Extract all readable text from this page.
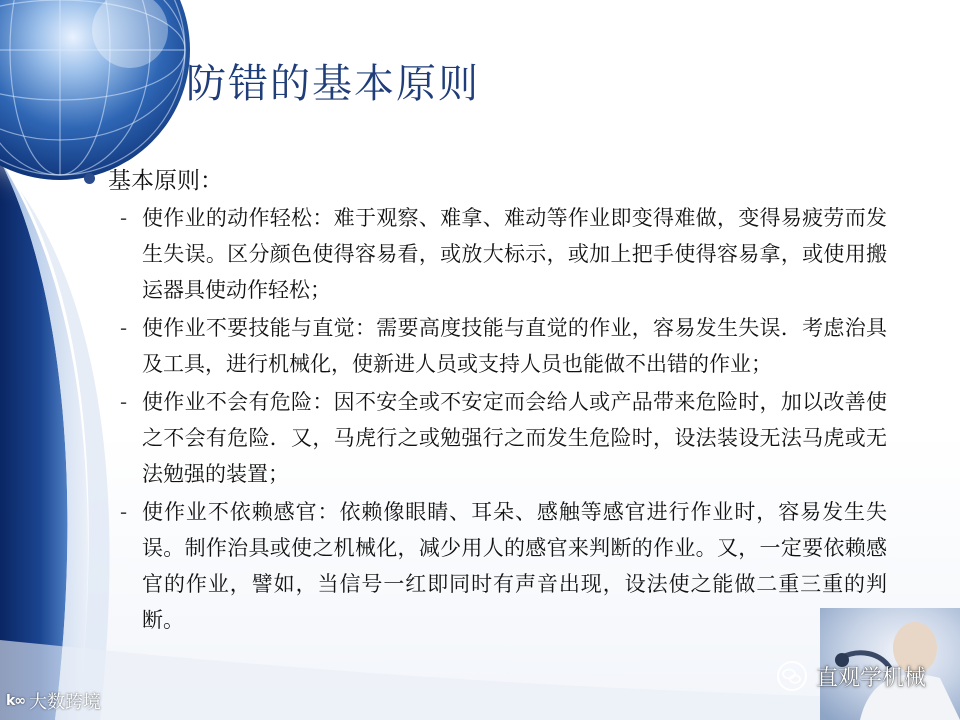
防错的基本原则
基本原则：
- 使作业的动作轻松：难于观察、难拿、难动等作业即变得难做，变得易疲劳而发生失误。区分颜色使得容易看，或放大标示，或加上把手使得容易拿，或使用搬运器具使动作轻松；
- 使作业不要技能与直觉：需要高度技能与直觉的作业，容易发生失误．考虑治具及工具，进行机械化，使新进人员或支持人员也能做不出错的作业；
- 使作业不会有危险：因不安全或不安定而会给人或产品带来危险时，加以改善使之不会有危险．又，马虎行之或勉强行之而发生危险时，设法装设无法马虎或无法勉强的装置；
- 使作业不依赖感官：依赖像眼睛、耳朵、感触等感官进行作业时，容易发生失误。制作治具或使之机械化，减少用人的感官来判断的作业。又，一定要依赖感官的作业，譬如，当信号一红即同时有声音出现，设法使之能做二重三重的判断。
直观学机械
k∞ 大数跨境
